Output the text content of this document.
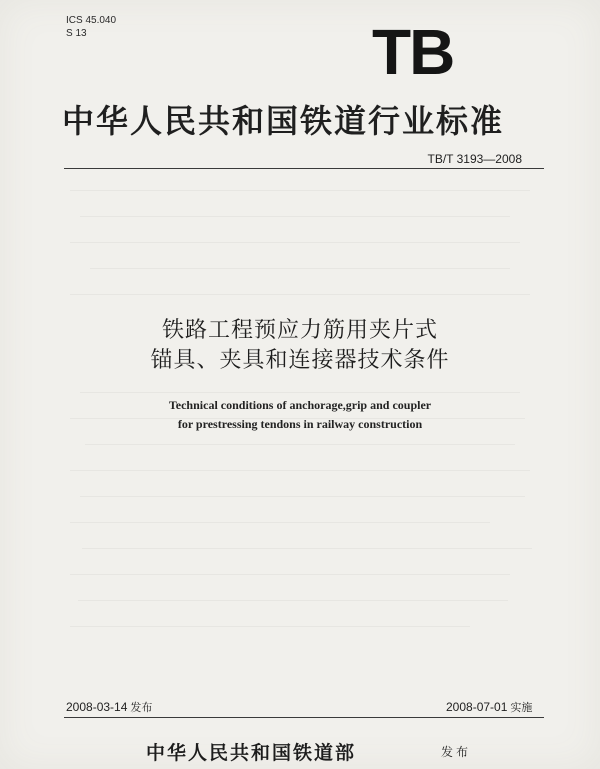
ICS 45.040
S 13	TB
中华人民共和国铁道行业标准
TB/T 3193—2008
铁路工程预应力筋用夹片式
锚具、夹具和连接器技术条件
Technical conditions of anchorage,grip and coupler
for prestressing tendons in railway construction
2008-03-14 发布	2008-07-01 实施
中华人民共和国铁道部	发布
